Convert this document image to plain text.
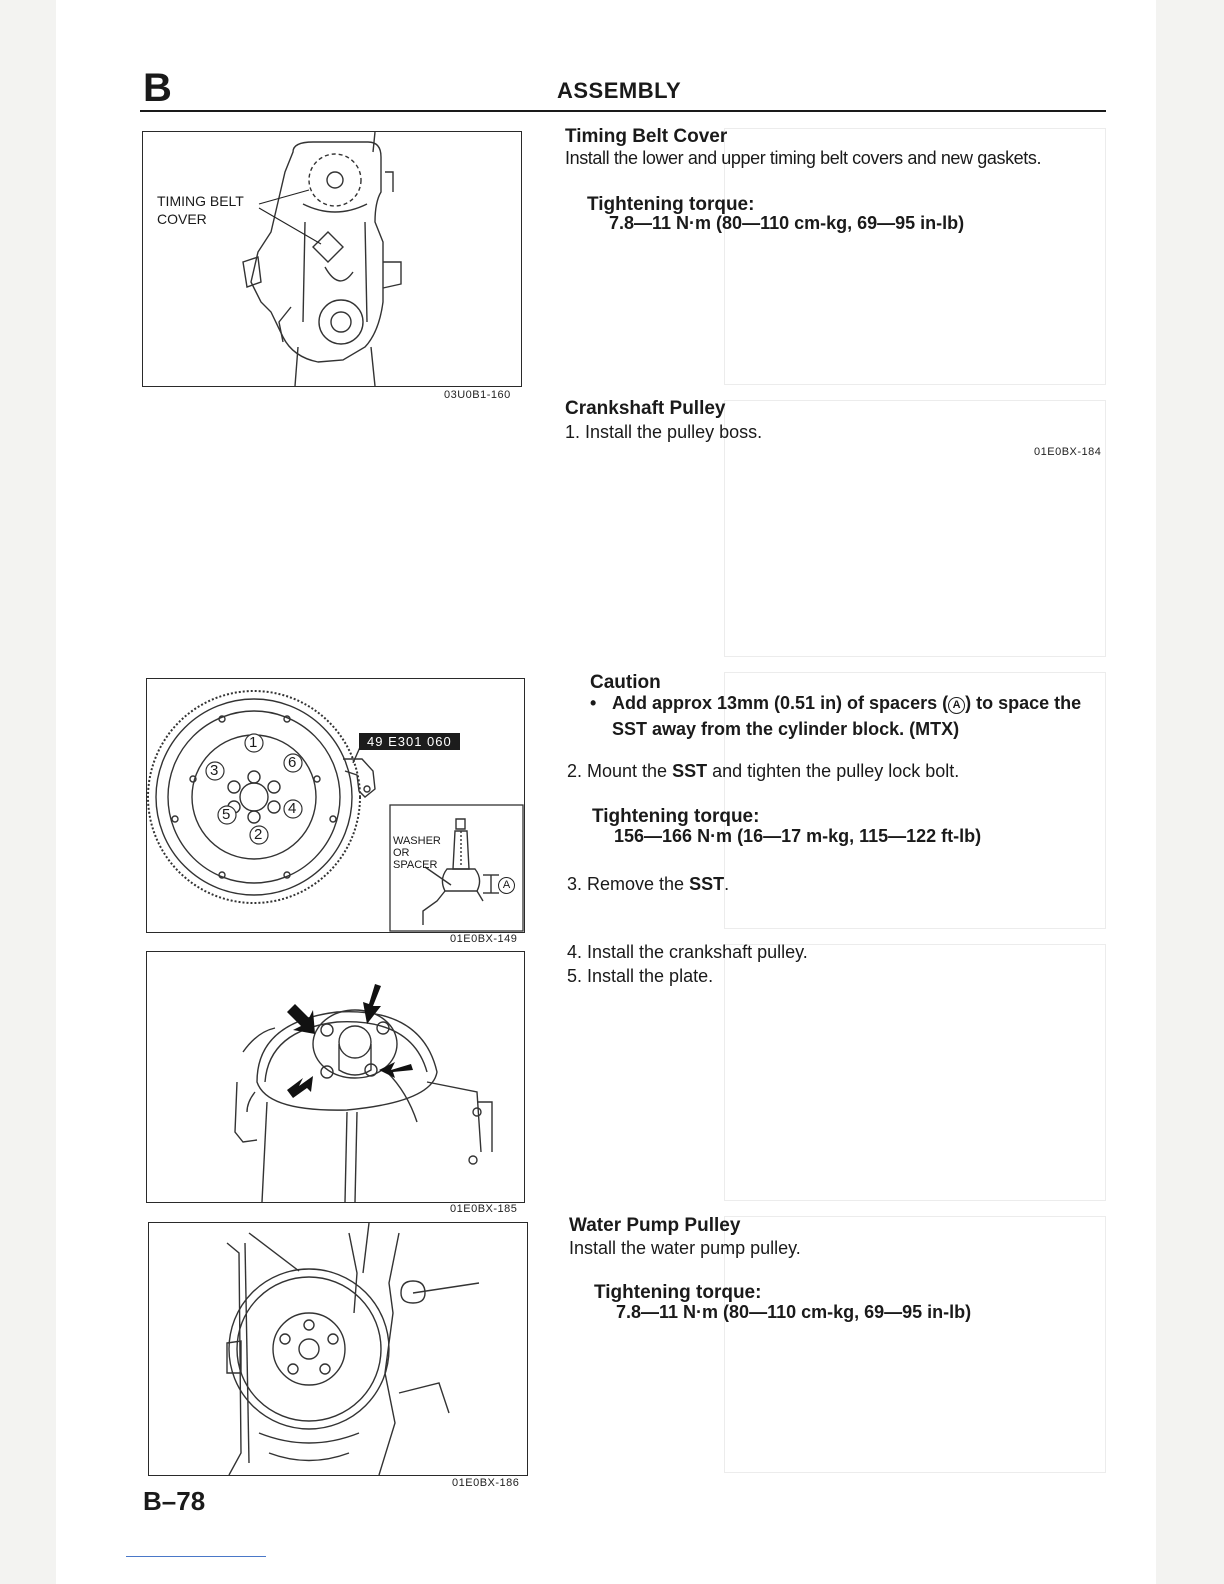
B	ASSEMBLY
TIMING BELT
COVER
03U0B1-160
Timing Belt Cover
Install the lower and upper timing belt covers and new gaskets.
Tightening torque:
7.8—11 N·m (80—110 cm-kg, 69—95 in-lb)
Crankshaft Pulley
1. Install the pulley boss.
01E0BX-184
1
2
3
4
5
6
49 E301 060
WASHER
OR
SPACER
A
01E0BX-149
Caution
• Add approx 13mm (0.51 in) of spacers ( A ) to space the SST away from the cylinder block. (MTX)
2. Mount the SST and tighten the pulley lock bolt.
Tightening torque:
156—166 N·m (16—17 m-kg, 115—122 ft-lb)
3. Remove the SST.
01E0BX-185
4. Install the crankshaft pulley.
5. Install the plate.
01E0BX-186
Water Pump Pulley
Install the water pump pulley.
Tightening torque:
7.8—11 N·m (80—110 cm-kg, 69—95 in-lb)
B–78
